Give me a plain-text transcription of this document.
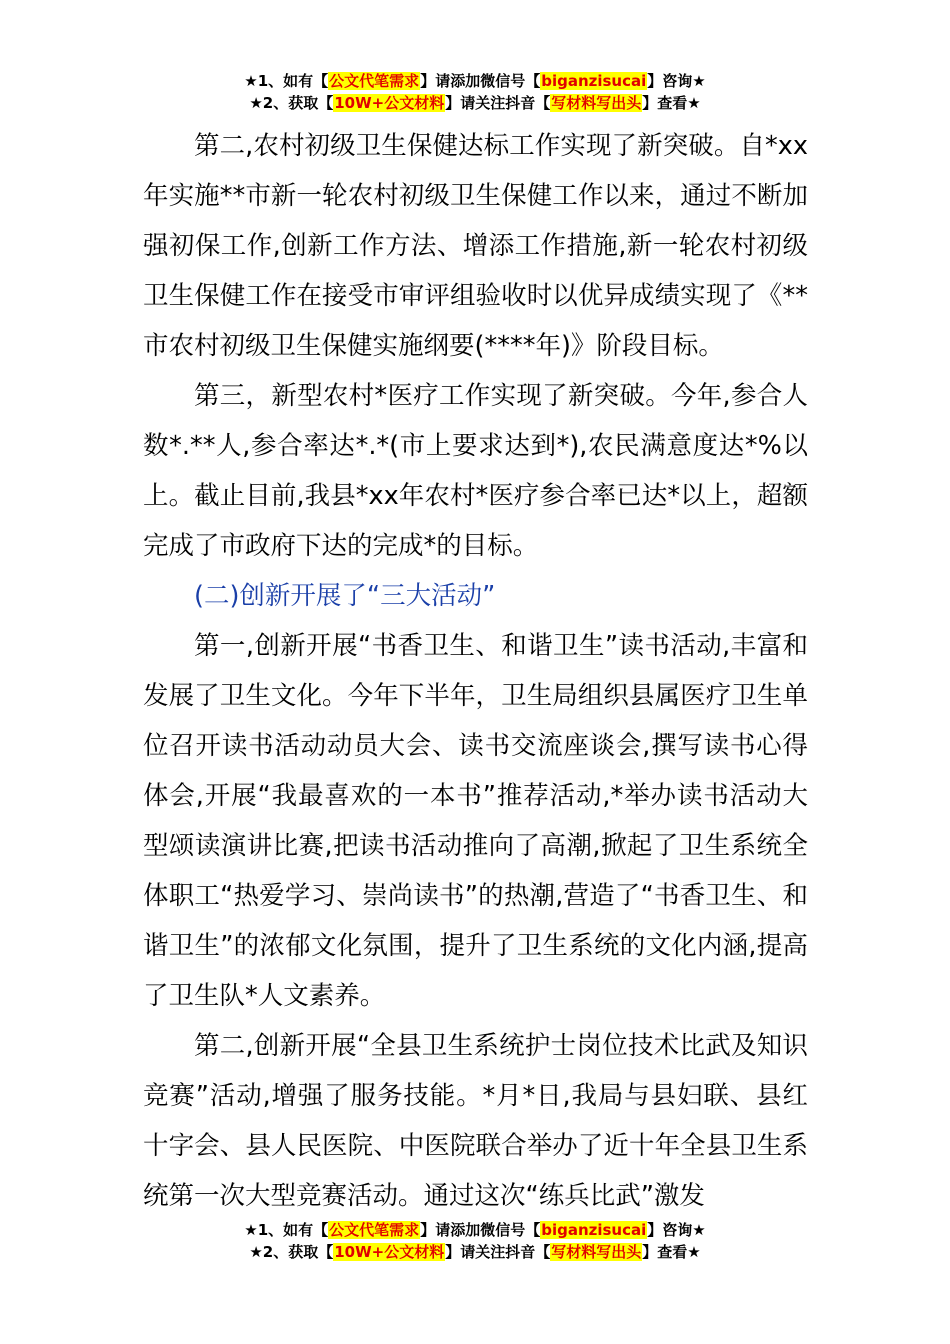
★1、如有【公文代笔需求】请添加微信号【biganzisucai】咨询★
★2、获取【10W+公文材料】请关注抖音【写材料写出头】查看★

第二,农村初级卫生保健达标工作实现了新突破。自*xx年实施**市新一轮农村初级卫生保健工作以来，通过不断加强初保工作,创新工作方法、增添工作措施,新一轮农村初级卫生保健工作在接受市审评组验收时以优异成绩实现了《**市农村初级卫生保健实施纲要(****年)》阶段目标。

第三，新型农村*医疗工作实现了新突破。今年,参合人数*.**人,参合率达*.*(市上要求达到*),农民满意度达*%以上。截止目前,我县*xx年农村*医疗参合率已达*以上，超额完成了市政府下达的完成*的目标。

(二)创新开展了“三大活动”

第一,创新开展“书香卫生、和谐卫生”读书活动,丰富和发展了卫生文化。今年下半年，卫生局组织县属医疗卫生单位召开读书活动动员大会、读书交流座谈会,撰写读书心得体会,开展“我最喜欢的一本书”推荐活动,*举办读书活动大型颂读演讲比赛,把读书活动推向了高潮,掀起了卫生系统全体职工“热爱学习、崇尚读书”的热潮,营造了“书香卫生、和谐卫生”的浓郁文化氛围，提升了卫生系统的文化内涵,提高了卫生队*人文素养。

第二,创新开展“全县卫生系统护士岗位技术比武及知识竞赛”活动,增强了服务技能。*月*日,我局与县妇联、县红十字会、县人民医院、中医院联合举办了近十年全县卫生系统第一次大型竞赛活动。通过这次“练兵比武”激发

★1、如有【公文代笔需求】请添加微信号【biganzisucai】咨询★
★2、获取【10W+公文材料】请关注抖音【写材料写出头】查看★
